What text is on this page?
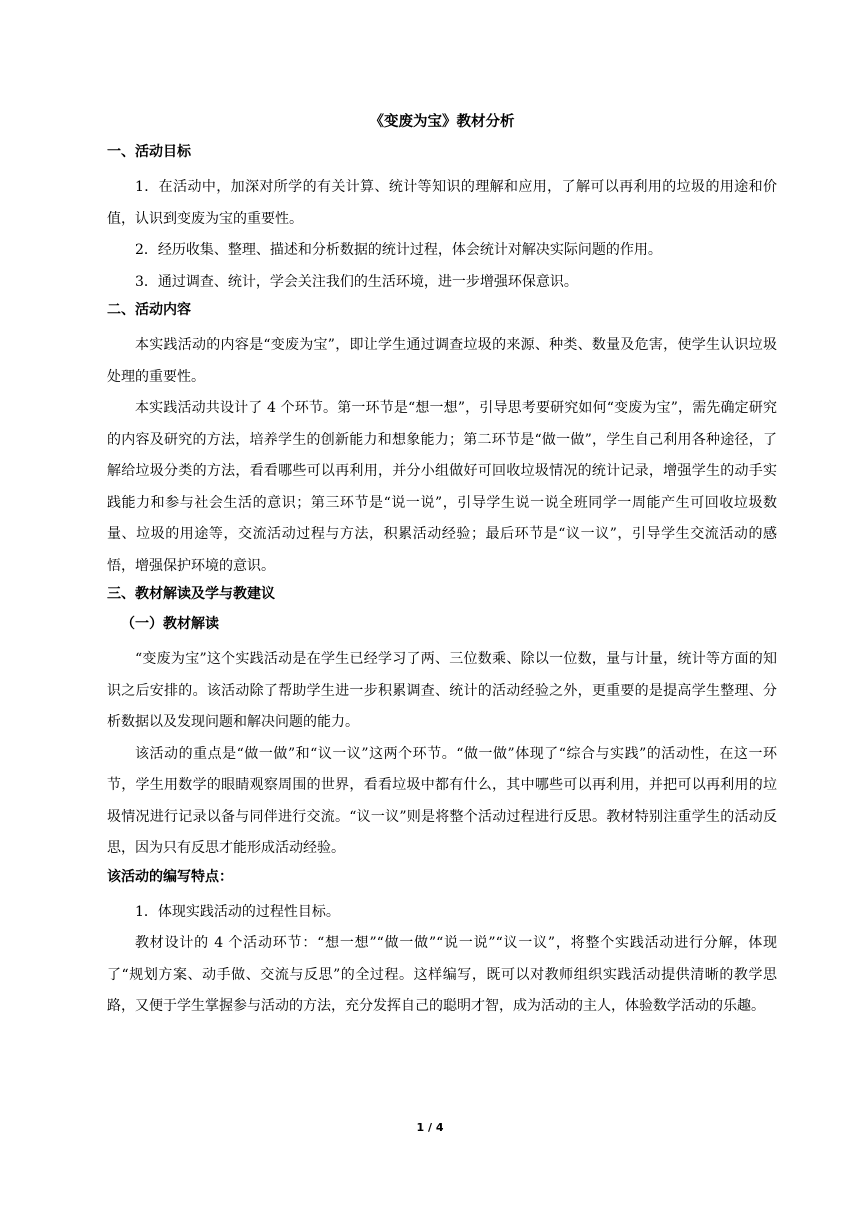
《变废为宝》教材分析
一、活动目标

1．在活动中，加深对所学的有关计算、统计等知识的理解和应用，了解可以再利用的垃圾的用途和价值，认识到变废为宝的重要性。

2．经历收集、整理、描述和分析数据的统计过程，体会统计对解决实际问题的作用。

3．通过调查、统计，学会关注我们的生活环境，进一步增强环保意识。

二、活动内容

本实践活动的内容是“变废为宝”，即让学生通过调查垃圾的来源、种类、数量及危害，使学生认识垃圾处理的重要性。

本实践活动共设计了 4 个环节。第一环节是“想一想”，引导思考要研究如何“变废为宝”，需先确定研究的内容及研究的方法，培养学生的创新能力和想象能力；第二环节是“做一做”，学生自己利用各种途径，了解给垃圾分类的方法，看看哪些可以再利用，并分小组做好可回收垃圾情况的统计记录，增强学生的动手实践能力和参与社会生活的意识；第三环节是“说一说”，引导学生说一说全班同学一周能产生可回收垃圾数量、垃圾的用途等，交流活动过程与方法，积累活动经验；最后环节是“议一议”，引导学生交流活动的感悟，增强保护环境的意识。

三、教材解读及学与教建议
（一）教材解读

“变废为宝”这个实践活动是在学生已经学习了两、三位数乘、除以一位数，量与计量，统计等方面的知识之后安排的。该活动除了帮助学生进一步积累调查、统计的活动经验之外，更重要的是提高学生整理、分析数据以及发现问题和解决问题的能力。

该活动的重点是“做一做”和“议一议”这两个环节。“做一做”体现了“综合与实践”的活动性，在这一环节，学生用数学的眼睛观察周围的世界，看看垃圾中都有什么，其中哪些可以再利用，并把可以再利用的垃圾情况进行记录以备与同伴进行交流。“议一议”则是将整个活动过程进行反思。教材特别注重学生的活动反思，因为只有反思才能形成活动经验。

该活动的编写特点：

1．体现实践活动的过程性目标。

教材设计的 4 个活动环节：“想一想”“做一做”“说一说”“议一议”，将整个实践活动进行分解，体现了“规划方案、动手做、交流与反思”的全过程。这样编写，既可以对教师组织实践活动提供清晰的教学思路，又便于学生掌握参与活动的方法，充分发挥自己的聪明才智，成为活动的主人，体验数学活动的乐趣。

1 / 4
